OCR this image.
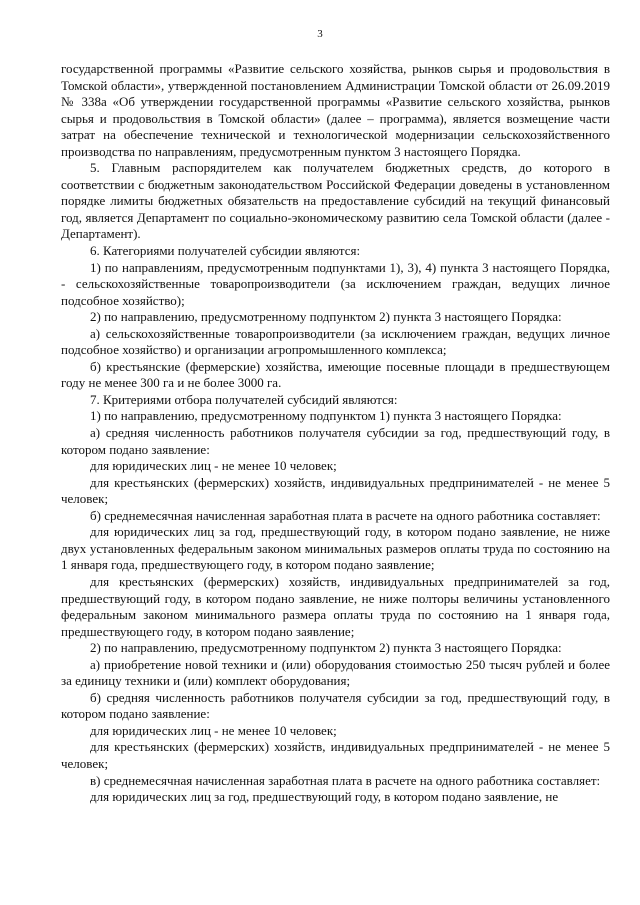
3

государственной программы «Развитие сельского хозяйства, рынков сырья и продовольствия в Томской области», утвержденной постановлением Администрации Томской области от 26.09.2019 № 338а «Об утверждении государственной программы «Развитие сельского хозяйства, рынков сырья и продовольствия в Томской области» (далее – программа), является возмещение части затрат на обеспечение технической и технологической модернизации сельскохозяйственного производства по направлениям, предусмотренным пунктом 3 настоящего Порядка.

5. Главным распорядителем как получателем бюджетных средств, до которого в соответствии с бюджетным законодательством Российской Федерации доведены в установленном порядке лимиты бюджетных обязательств на предоставление субсидий на текущий финансовый год, является Департамент по социально-экономическому развитию села Томской области (далее - Департамент).

6. Категориями получателей субсидии являются:

1) по направлениям, предусмотренным подпунктами 1), 3), 4) пункта 3 настоящего Порядка, - сельскохозяйственные товаропроизводители (за исключением граждан, ведущих личное подсобное хозяйство);

2) по направлению, предусмотренному подпунктом 2) пункта 3 настоящего Порядка:

а) сельскохозяйственные товаропроизводители (за исключением граждан, ведущих личное подсобное хозяйство) и организации агропромышленного комплекса;

б) крестьянские (фермерские) хозяйства, имеющие посевные площади в предшествующем году не менее 300 га и не более 3000 га.

7. Критериями отбора получателей субсидий являются:

1) по направлению, предусмотренному подпунктом 1) пункта 3 настоящего Порядка:

а) средняя численность работников получателя субсидии за год, предшествующий году, в котором подано заявление:

для юридических лиц - не менее 10 человек;

для крестьянских (фермерских) хозяйств, индивидуальных предпринимателей - не менее 5 человек;

б) среднемесячная начисленная заработная плата в расчете на одного работника составляет:

для юридических лиц за год, предшествующий году, в котором подано заявление, не ниже двух установленных федеральным законом минимальных размеров оплаты труда по состоянию на 1 января года, предшествующего году, в котором подано заявление;

для крестьянских (фермерских) хозяйств, индивидуальных предпринимателей за год, предшествующий году, в котором подано заявление, не ниже полторы величины установленного федеральным законом минимального размера оплаты труда по состоянию на 1 января года, предшествующего году, в котором подано заявление;

2) по направлению, предусмотренному подпунктом 2) пункта 3 настоящего Порядка:

а) приобретение новой техники и (или) оборудования стоимостью 250 тысяч рублей и более за единицу техники и (или) комплект оборудования;

б) средняя численность работников получателя субсидии за год, предшествующий году, в котором подано заявление:

для юридических лиц - не менее 10 человек;

для крестьянских (фермерских) хозяйств, индивидуальных предпринимателей - не менее 5 человек;

в) среднемесячная начисленная заработная плата в расчете на одного работника составляет:

для юридических лиц за год, предшествующий году, в котором подано заявление, не
